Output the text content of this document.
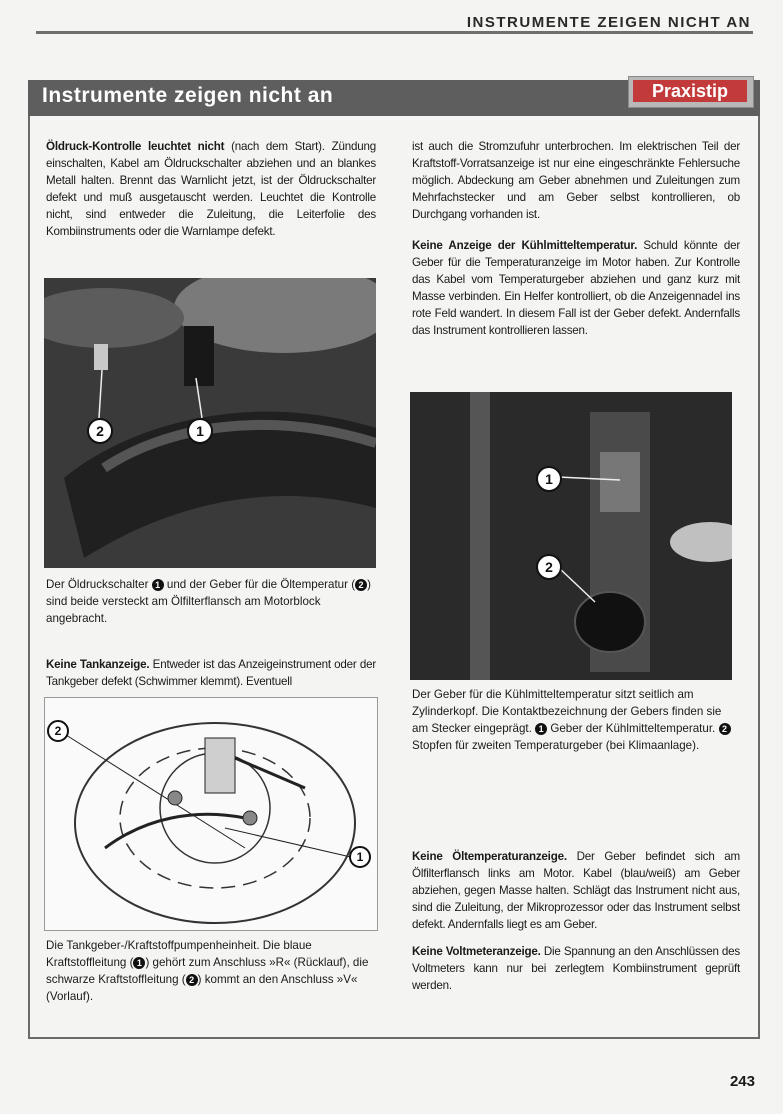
INSTRUMENTE ZEIGEN NICHT AN
Instrumente zeigen nicht an	Praxistip

Öldruck-Kontrolle leuchtet nicht (nach dem Start). Zündung einschalten, Kabel am Öldruckschalter abziehen und an blankes Metall halten. Brennt das Warnlicht jetzt, ist der Öldruckschalter defekt und muß ausgetauscht werden. Leuchtet die Kontrolle nicht, sind entweder die Zuleitung, die Leiterfolie des Kombiinstruments oder die Warnlampe defekt.

2	1
Der Öldruckschalter 1 und der Geber für die Öltemperatur ( 2 ) sind beide versteckt am Ölfilterflansch am Motorblock angebracht.

Keine Tankanzeige. Entweder ist das Anzeigeinstrument oder der Tankgeber defekt (Schwimmer klemmt). Eventuell

2
1
Die Tankgeber-/Kraftstoffpumpenheinheit. Die blaue Kraftstoffleitung ( 1 ) gehört zum Anschluss »R« (Rücklauf), die schwarze Kraftstoffleitung ( 2 ) kommt an den Anschluss »V« (Vorlauf).

ist auch die Stromzufuhr unterbrochen. Im elektrischen Teil der Kraftstoff-Vorratsanzeige ist nur eine eingeschränkte Fehlersuche möglich. Abdeckung am Geber abnehmen und Zuleitungen zum Mehrfachstecker und am Geber selbst kontrollieren, ob Durchgang vorhanden ist.

Keine Anzeige der Kühlmitteltemperatur. Schuld könnte der Geber für die Temperaturanzeige im Motor haben. Zur Kontrolle das Kabel vom Temperaturgeber abziehen und ganz kurz mit Masse verbinden. Ein Helfer kontrolliert, ob die Anzeigennadel ins rote Feld wandert. In diesem Fall ist der Geber defekt. Andernfalls das Instrument kontrollieren lassen.

1
2
Der Geber für die Kühlmitteltemperatur sitzt seitlich am Zylinderkopf. Die Kontaktbezeichnung der Gebers finden sie am Stecker eingeprägt. 1 Geber der Kühlmitteltemperatur. 2 Stopfen für zweiten Temperaturgeber (bei Klimaanlage).

Keine Öltemperaturanzeige. Der Geber befindet sich am Ölfilterflansch links am Motor. Kabel (blau/weiß) am Geber abziehen, gegen Masse halten. Schlägt das Instrument nicht aus, sind die Zuleitung, der Mikroprozessor oder das Instrument selbst defekt. Andernfalls liegt es am Geber.

Keine Voltmeteranzeige. Die Spannung an den Anschlüssen des Voltmeters kann nur bei zerlegtem Kombiinstrument geprüft werden.

243
